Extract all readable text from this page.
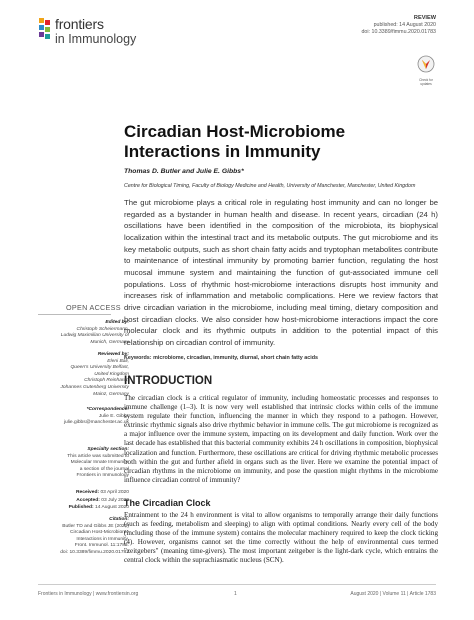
frontiers
in Immunology
REVIEW
published: 14 August 2020
doi: 10.3389/fimmu.2020.01783
Check for updates
Circadian Host-Microbiome Interactions in Immunity
Thomas D. Butler and Julie E. Gibbs*
Centre for Biological Timing, Faculty of Biology Medicine and Health, University of Manchester, Manchester, United Kingdom
The gut microbiome plays a critical role in regulating host immunity and can no longer be regarded as a bystander in human health and disease. In recent years, circadian (24 h) oscillations have been identified in the composition of the microbiota, its biophysical localization within the intestinal tract and its metabolic outputs. The gut microbiome and its key metabolic outputs, such as short chain fatty acids and tryptophan metabolites contribute to maintenance of intestinal immunity by promoting barrier function, regulating the host mucosal immune system and maintaining the function of gut-associated immune cell populations. Loss of rhythmic host-microbiome interactions disrupts host immunity and increases risk of inflammation and metabolic complications. Here we review factors that drive circadian variation in the microbiome, including meal timing, dietary composition and host circadian clocks. We also consider how host-microbiome interactions impact the core molecular clock and its rhythmic outputs in addition to the potential impact of this relationship on circadian control of immunity.
Keywords: microbiome, circadian, immunity, diurnal, short chain fatty acids
INTRODUCTION
The circadian clock is a critical regulator of immunity, including homeostatic processes and responses to immune challenge (1–3). It is now very well established that intrinsic clocks within cells of the immune system regulate their function, influencing the manner in which they respond to a pathogen. However, extrinsic rhythmic signals also drive rhythmic behavior in immune cells. The gut microbiome is recognized as a major influence over the immune system, impacting on its development and daily function. Work over the last decade has established that this bacterial community exhibits 24 h oscillations in composition, biophysical localization and function. Furthermore, these oscillations are critical for driving rhythmic metabolic processes both within the gut and further afield in organs such as the liver. Here we examine the potential impact of circadian rhythms in the microbiome on immunity, and pose the question might rhythms in the microbiome influence circadian control of immunity?
The Circadian Clock
Entrainment to the 24 h environment is vital to allow organisms to temporally arrange their daily functions (such as feeding, metabolism and sleeping) to align with optimal conditions. Nearly every cell of the body (including those of the immune system) contains the molecular machinery required to keep the clock ticking (4). However, organisms cannot set the time correctly without the help of environmental cues termed "zeitgebers" (meaning time-givers). The most important zeitgeber is the light-dark cycle, which entrains the central clock within the suprachiasmatic nucleus (SCN).
OPEN ACCESS
Edited by:
Christoph Scheiermann,
Ludwig Maximilian University of
Munich, Germany
Reviewed by:
Eleni Bali,
Queen's University Belfast,
United Kingdom
Christoph Reinhardt,
Johannes Gutenberg University
Mainz, Germany
*Correspondence:
Julie E. Gibbs
julie.gibbs@manchester.ac.uk
Specialty section:
This article was submitted to
Molecular Innate Immunity,
a section of the journal
Frontiers in Immunology
Received: 03 April 2020
Accepted: 03 July 2020
Published: 14 August 2020
Citation:
Butler TD and Gibbs JE (2020)
Circadian Host-Microbiome
Interactions in Immunity.
Front. Immunol. 11:1783.
doi: 10.3389/fimmu.2020.01783
Frontiers in Immunology | www.frontiersin.org	1	August 2020 | Volume 11 | Article 1783
